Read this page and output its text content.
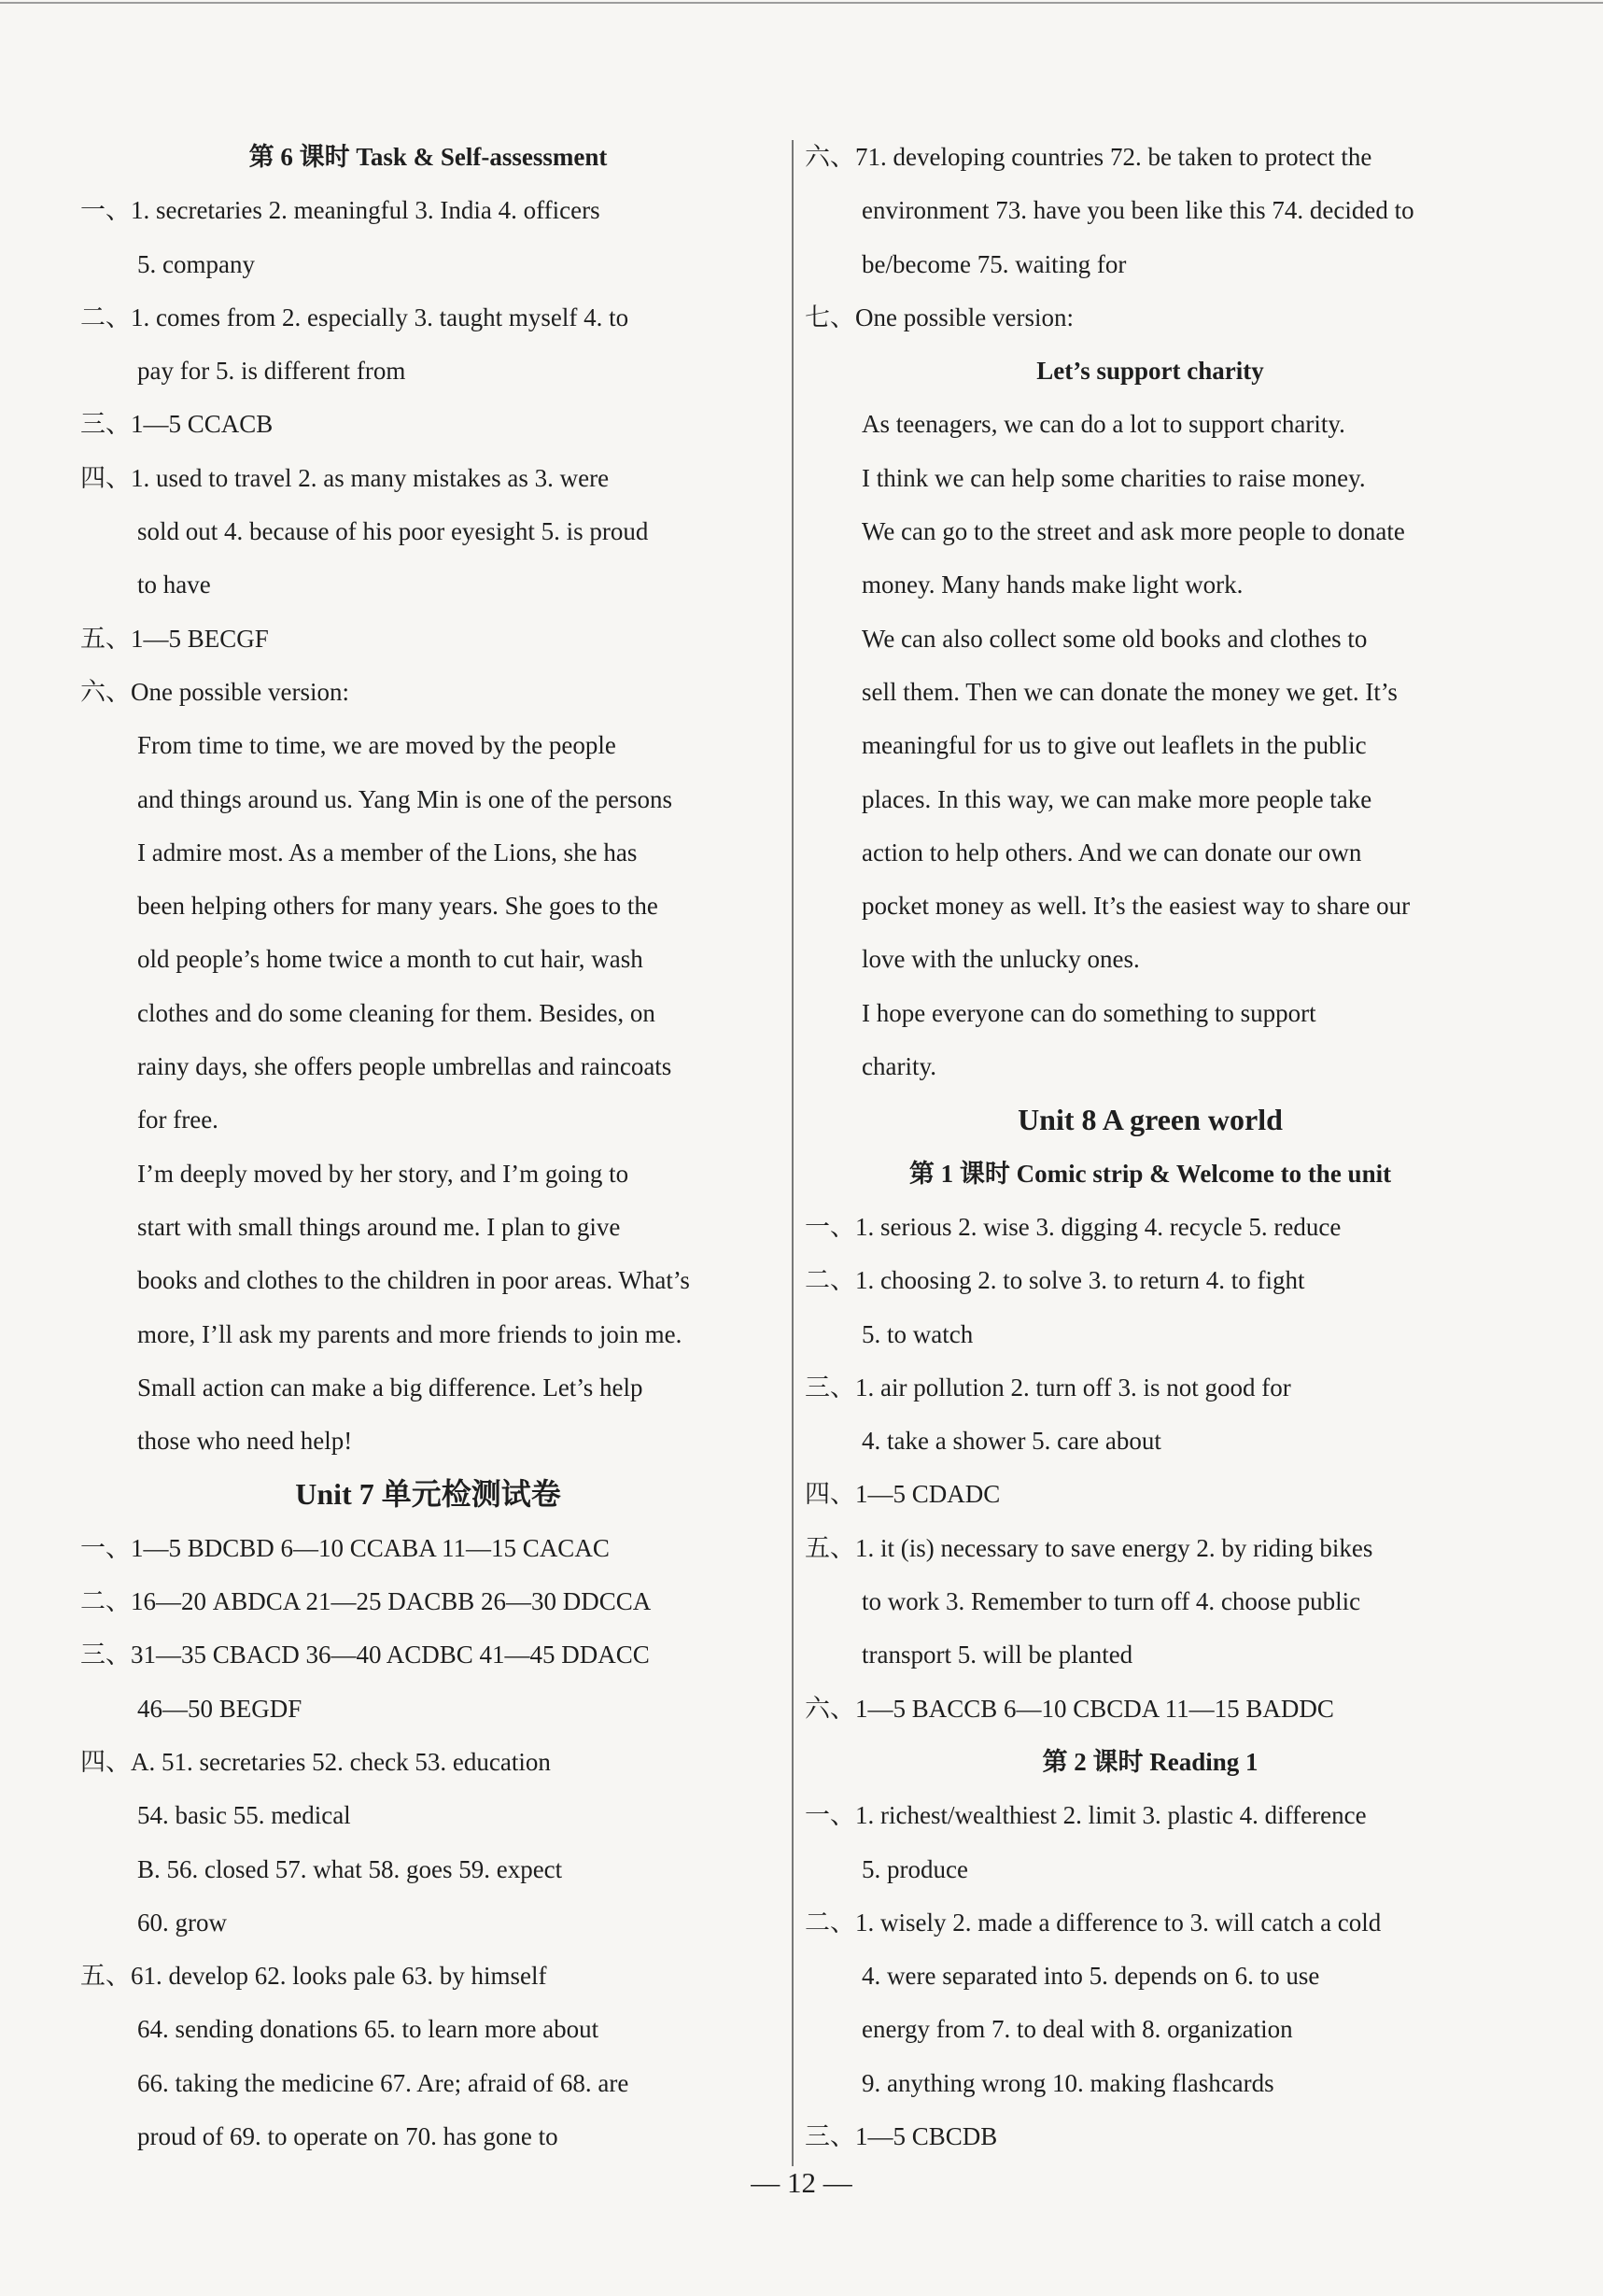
第 6 课时 Task & Self-assessment
一、1. secretaries 2. meaningful 3. India 4. officers
5. company
二、1. comes from 2. especially 3. taught myself 4. to
pay for 5. is different from
三、1—5 CCACB
四、1. used to travel 2. as many mistakes as 3. were
sold out 4. because of his poor eyesight 5. is proud
to have
五、1—5 BECGF
六、One possible version:
From time to time, we are moved by the people
and things around us. Yang Min is one of the persons
I admire most. As a member of the Lions, she has
been helping others for many years. She goes to the
old people’s home twice a month to cut hair, wash
clothes and do some cleaning for them. Besides, on
rainy days, she offers people umbrellas and raincoats
for free.
I’m deeply moved by her story, and I’m going to
start with small things around me. I plan to give
books and clothes to the children in poor areas. What’s
more, I’ll ask my parents and more friends to join me.
Small action can make a big difference. Let’s help
those who need help!
Unit 7 单元检测试卷
一、1—5 BDCBD 6—10 CCABA 11—15 CACAC
二、16—20 ABDCA 21—25 DACBB 26—30 DDCCA
三、31—35 CBACD 36—40 ACDBC 41—45 DDACC
46—50 BEGDF
四、A. 51. secretaries 52. check 53. education
54. basic 55. medical
B. 56. closed 57. what 58. goes 59. expect
60. grow
五、61. develop 62. looks pale 63. by himself
64. sending donations 65. to learn more about
66. taking the medicine 67. Are; afraid of 68. are
proud of 69. to operate on 70. has gone to
六、71. developing countries 72. be taken to protect the
environment 73. have you been like this 74. decided to
be/become 75. waiting for
七、One possible version:
Let’s support charity
As teenagers, we can do a lot to support charity.
I think we can help some charities to raise money.
We can go to the street and ask more people to donate
money. Many hands make light work.
We can also collect some old books and clothes to
sell them. Then we can donate the money we get. It’s
meaningful for us to give out leaflets in the public
places. In this way, we can make more people take
action to help others. And we can donate our own
pocket money as well. It’s the easiest way to share our
love with the unlucky ones.
I hope everyone can do something to support
charity.
Unit 8 A green world
第 1 课时 Comic strip & Welcome to the unit
一、1. serious 2. wise 3. digging 4. recycle 5. reduce
二、1. choosing 2. to solve 3. to return 4. to fight
5. to watch
三、1. air pollution 2. turn off 3. is not good for
4. take a shower 5. care about
四、1—5 CDADC
五、1. it (is) necessary to save energy 2. by riding bikes
to work 3. Remember to turn off 4. choose public
transport 5. will be planted
六、1—5 BACCB 6—10 CBCDA 11—15 BADDC
第 2 课时 Reading 1
一、1. richest/wealthiest 2. limit 3. plastic 4. difference
5. produce
二、1. wisely 2. made a difference to 3. will catch a cold
4. were separated into 5. depends on 6. to use
energy from 7. to deal with 8. organization
9. anything wrong 10. making flashcards
三、1—5 CBCDB
— 12 —
